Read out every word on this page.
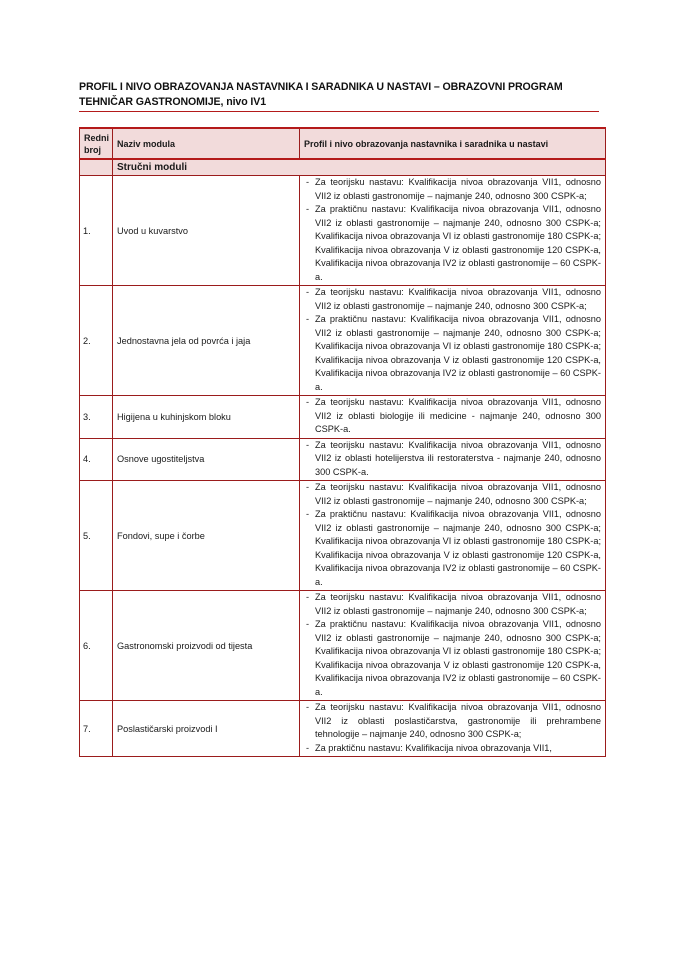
PROFIL I NIVO OBRAZOVANJA NASTAVNIKA I SARADNIKA U NASTAVI – OBRAZOVNI PROGRAM TEHNIČAR GASTRONOMIJE, nivo IV1
Redni broj	Naziv modula	Profil i nivo obrazovanja nastavnika i saradnika u nastavi

	Stručni moduli	
1.	Uvod u kuvarstvo	- Za teorijsku nastavu: Kvalifikacija nivoa obrazovanja VII1, odnosno VII2 iz oblasti gastronomije – najmanje 240, odnosno 300 CSPK-a;

- Za praktičnu nastavu: Kvalifikacija nivoa obrazovanja VII1, odnosno VII2 iz oblasti gastronomije – najmanje 240, odnosno 300 CSPK-a; Kvalifikacija nivoa obrazovanja VI iz oblasti gastronomije 180 CSPK-a; Kvalifikacija nivoa obrazovanja V iz oblasti gastronomije 120 CSPK-a, Kvalifikacija nivoa obrazovanja IV2 iz oblasti gastronomije – 60 CSPK-a.

2.	Jednostavna jela od povrća i jaja	- Za teorijsku nastavu: Kvalifikacija nivoa obrazovanja VII1, odnosno VII2 iz oblasti gastronomije – najmanje 240, odnosno 300 CSPK-a;

- Za praktičnu nastavu: Kvalifikacija nivoa obrazovanja VII1, odnosno VII2 iz oblasti gastronomije – najmanje 240, odnosno 300 CSPK-a; Kvalifikacija nivoa obrazovanja VI iz oblasti gastronomije 180 CSPK-a; Kvalifikacija nivoa obrazovanja V iz oblasti gastronomije 120 CSPK-a, Kvalifikacija nivoa obrazovanja IV2 iz oblasti gastronomije – 60 CSPK-a.

3.	Higijena u kuhinjskom bloku	- Za teorijsku nastavu: Kvalifikacija nivoa obrazovanja VII1, odnosno VII2 iz oblasti biologije ili medicine - najmanje 240, odnosno 300 CSPK-a.

4.	Osnove ugostiteljstva	- Za teorijsku nastavu: Kvalifikacija nivoa obrazovanja VII1, odnosno VII2 iz oblasti hotelijerstva ili restoraterstva - najmanje 240, odnosno 300 CSPK-a.

5.	Fondovi, supe i čorbe	- Za teorijsku nastavu: Kvalifikacija nivoa obrazovanja VII1, odnosno VII2 iz oblasti gastronomije – najmanje 240, odnosno 300 CSPK-a;

- Za praktičnu nastavu: Kvalifikacija nivoa obrazovanja VII1, odnosno VII2 iz oblasti gastronomije – najmanje 240, odnosno 300 CSPK-a; Kvalifikacija nivoa obrazovanja VI iz oblasti gastronomije 180 CSPK-a; Kvalifikacija nivoa obrazovanja V iz oblasti gastronomije 120 CSPK-a, Kvalifikacija nivoa obrazovanja IV2 iz oblasti gastronomije – 60 CSPK-a.

6.	Gastronomski proizvodi od tijesta	- Za teorijsku nastavu: Kvalifikacija nivoa obrazovanja VII1, odnosno VII2 iz oblasti gastronomije – najmanje 240, odnosno 300 CSPK-a;

- Za praktičnu nastavu: Kvalifikacija nivoa obrazovanja VII1, odnosno VII2 iz oblasti gastronomije – najmanje 240, odnosno 300 CSPK-a; Kvalifikacija nivoa obrazovanja VI iz oblasti gastronomije 180 CSPK-a; Kvalifikacija nivoa obrazovanja V iz oblasti gastronomije 120 CSPK-a, Kvalifikacija nivoa obrazovanja IV2 iz oblasti gastronomije – 60 CSPK-a.

7.	Poslastičarski proizvodi I	- Za teorijsku nastavu: Kvalifikacija nivoa obrazovanja VII1, odnosno VII2 iz oblasti poslastičarstva, gastronomije ili prehrambene tehnologije – najmanje 240, odnosno 300 CSPK-a;

- Za praktičnu nastavu: Kvalifikacija nivoa obrazovanja VII1,
